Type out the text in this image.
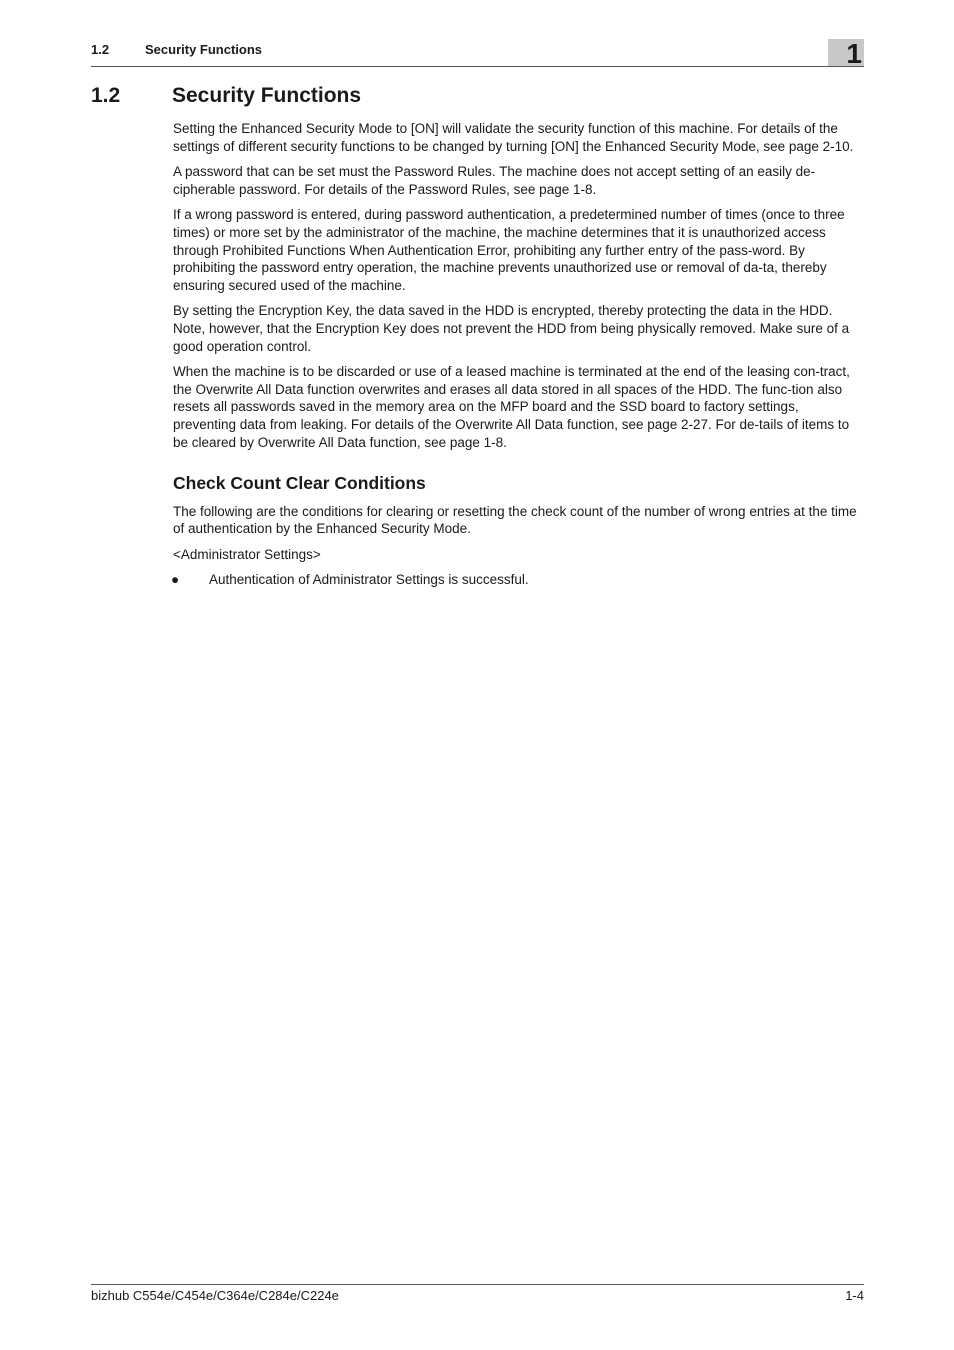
1.2	Security Functions	1
1.2 Security Functions

Setting the Enhanced Security Mode to [ON] will validate the security function of this machine. For details of the settings of different security functions to be changed by turning [ON] the Enhanced Security Mode, see page 2-10.

A password that can be set must the Password Rules. The machine does not accept setting of an easily de-cipherable password. For details of the Password Rules, see page 1-8.

If a wrong password is entered, during password authentication, a predetermined number of times (once to three times) or more set by the administrator of the machine, the machine determines that it is unauthorized access through Prohibited Functions When Authentication Error, prohibiting any further entry of the pass-word. By prohibiting the password entry operation, the machine prevents unauthorized use or removal of da-ta, thereby ensuring secured used of the machine.

By setting the Encryption Key, the data saved in the HDD is encrypted, thereby protecting the data in the HDD. Note, however, that the Encryption Key does not prevent the HDD from being physically removed. Make sure of a good operation control.

When the machine is to be discarded or use of a leased machine is terminated at the end of the leasing con-tract, the Overwrite All Data function overwrites and erases all data stored in all spaces of the HDD. The func-tion also resets all passwords saved in the memory area on the MFP board and the SSD board to factory settings, preventing data from leaking. For details of the Overwrite All Data function, see page 2-27. For de-tails of items to be cleared by Overwrite All Data function, see page 1-8.

Check Count Clear Conditions

The following are the conditions for clearing or resetting the check count of the number of wrong entries at the time of authentication by the Enhanced Security Mode.

<Administrator Settings>

● Authentication of Administrator Settings is successful.
bizhub C554e/C454e/C364e/C284e/C224e	1-4
